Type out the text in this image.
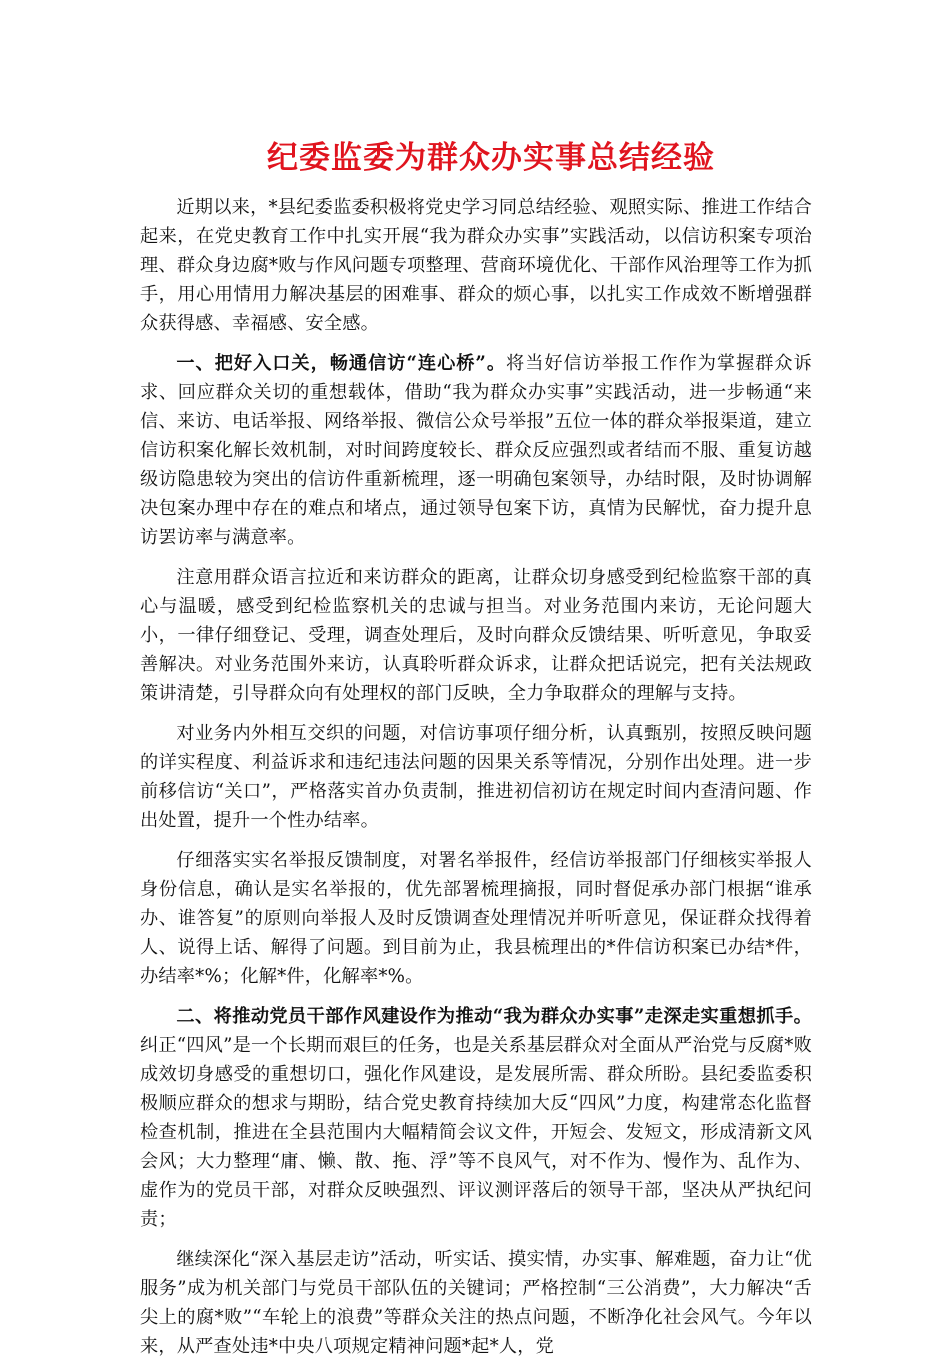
纪委监委为群众办实事总结经验

近期以来，*县纪委监委积极将党史学习同总结经验、观照实际、推进工作结合起来，在党史教育工作中扎实开展“我为群众办实事”实践活动，以信访积案专项治理、群众身边腐*败与作风问题专项整理、营商环境优化、干部作风治理等工作为抓手，用心用情用力解决基层的困难事、群众的烦心事，以扎实工作成效不断增强群众获得感、幸福感、安全感。

一、把好入口关，畅通信访“连心桥”。将当好信访举报工作作为掌握群众诉求、回应群众关切的重想载体，借助“我为群众办实事”实践活动，进一步畅通“来信、来访、电话举报、网络举报、微信公众号举报”五位一体的群众举报渠道，建立信访积案化解长效机制，对时间跨度较长、群众反应强烈或者结而不服、重复访越级访隐患较为突出的信访件重新梳理，逐一明确包案领导，办结时限，及时协调解决包案办理中存在的难点和堵点，通过领导包案下访，真情为民解忧，奋力提升息访罢访率与满意率。

注意用群众语言拉近和来访群众的距离，让群众切身感受到纪检监察干部的真心与温暖，感受到纪检监察机关的忠诚与担当。对业务范围内来访，无论问题大小，一律仔细登记、受理，调查处理后，及时向群众反馈结果、听听意见，争取妥善解决。对业务范围外来访，认真聆听群众诉求，让群众把话说完，把有关法规政策讲清楚，引导群众向有处理权的部门反映，全力争取群众的理解与支持。

对业务内外相互交织的问题，对信访事项仔细分析，认真甄别，按照反映问题的详实程度、利益诉求和违纪违法问题的因果关系等情况，分别作出处理。进一步前移信访“关口”，严格落实首办负责制，推进初信初访在规定时间内查清问题、作出处置，提升一个性办结率。

仔细落实实名举报反馈制度，对署名举报件，经信访举报部门仔细核实举报人身份信息，确认是实名举报的，优先部署梳理摘报，同时督促承办部门根据“谁承办、谁答复”的原则向举报人及时反馈调查处理情况并听听意见，保证群众找得着人、说得上话、解得了问题。到目前为止，我县梳理出的*件信访积案已办结*件，办结率*%；化解*件，化解率*%。

二、将推动党员干部作风建设作为推动“我为群众办实事”走深走实重想抓手。纠正“四风”是一个长期而艰巨的任务，也是关系基层群众对全面从严治党与反腐*败成效切身感受的重想切口，强化作风建设，是发展所需、群众所盼。县纪委监委积极顺应群众的想求与期盼，结合党史教育持续加大反“四风”力度，构建常态化监督检查机制，推进在全县范围内大幅精简会议文件，开短会、发短文，形成清新文风会风；大力整理“庸、懒、散、拖、浮”等不良风气，对不作为、慢作为、乱作为、虚作为的党员干部，对群众反映强烈、评议测评落后的领导干部，坚决从严执纪问责；

继续深化“深入基层走访”活动，听实话、摸实情，办实事、解难题，奋力让“优服务”成为机关部门与党员干部队伍的关键词；严格控制“三公消费”，大力解决“舌尖上的腐*败”“车轮上的浪费”等群众关注的热点问题，不断净化社会风气。今年以来，从严查处违*中央八项规定精神问题*起*人，党
